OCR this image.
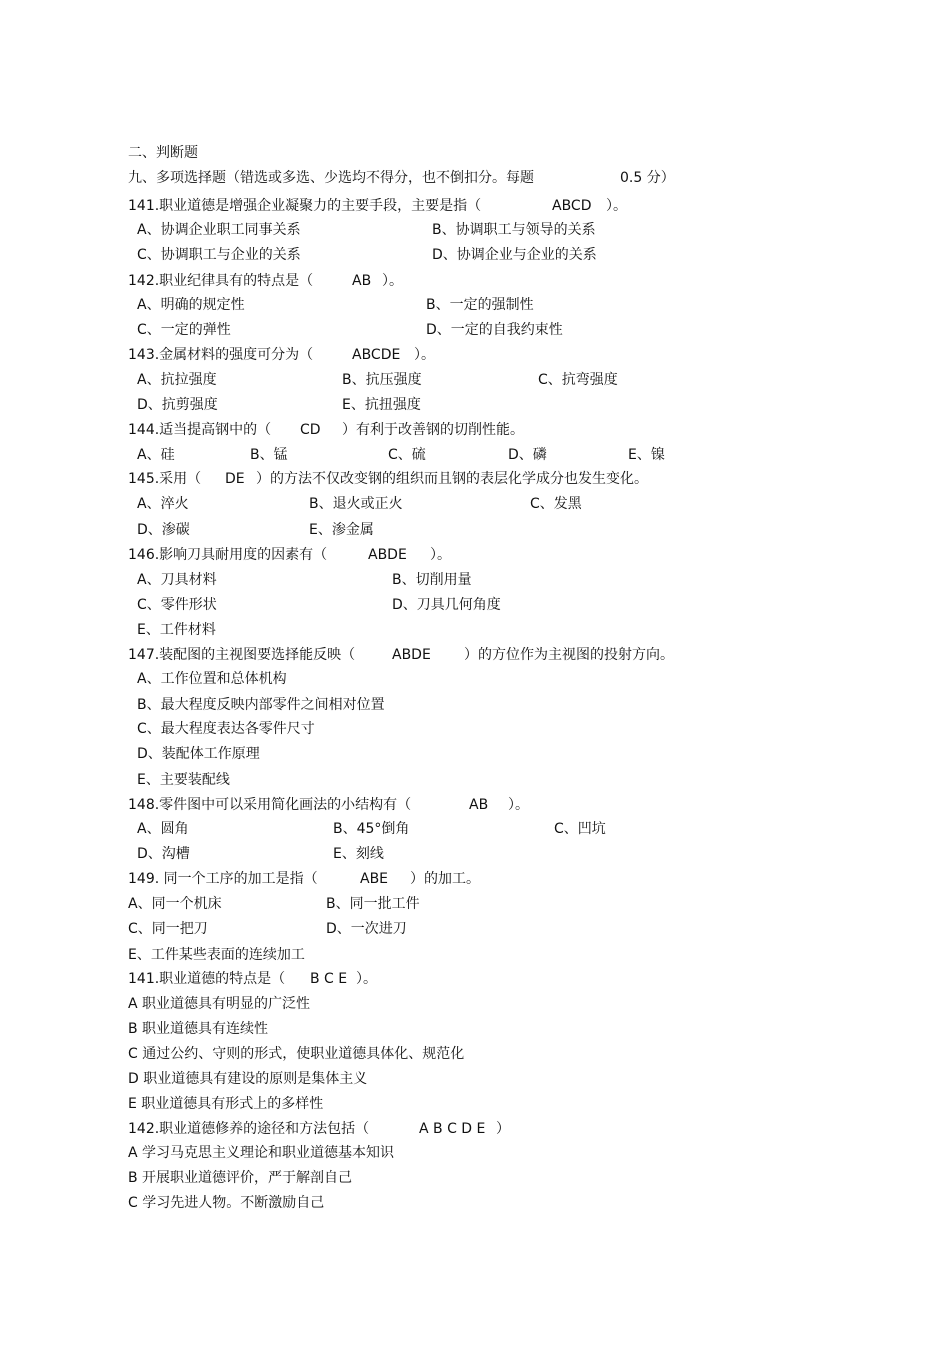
二、判断题
九、多项选择题（错选或多选、少选均不得分，也不倒扣分。每题	0.5 分）
141.职业道德是增强企业凝聚力的主要手段，主要是指（	ABCD ）。
A、协调企业职工同事关系	B、协调职工与领导的关系
C、协调职工与企业的关系	D、协调企业与企业的关系
142.职业纪律具有的特点是（	AB ）。
A、明确的规定性	B、一定的强制性
C、一定的弹性	D、一定的自我约束性
143.金属材料的强度可分为（	ABCDE ）。
A、抗拉强度	B、抗压强度	C、抗弯强度
D、抗剪强度	E、抗扭强度
144.适当提高钢中的（ CD ）有利于改善钢的切削性能。
A、硅	B、锰	C、硫	D、磷	E、镍
145.采用（ DE ）的方法不仅改变钢的组织而且钢的表层化学成分也发生变化。
A、淬火	B、退火或正火	C、发黑
D、渗碳	E、渗金属
146.影响刀具耐用度的因素有（	ABDE ）。
A、刀具材料	B、切削用量
C、零件形状	D、刀具几何角度
E、工件材料
147.装配图的主视图要选择能反映（	ABDE ）的方位作为主视图的投射方向。
A、工作位置和总体机构
B、最大程度反映内部零件之间相对位置
C、最大程度表达各零件尺寸
D、装配体工作原理
E、主要装配线
148.零件图中可以采用简化画法的小结构有（	AB ）。
A、圆角	B、45°倒角	C、凹坑
D、沟槽	E、刻线
149. 同一个工序的加工是指（	ABE ）的加工。
A、同一个机床	B、同一批工件
C、同一把刀	D、一次进刀
E、工件某些表面的连续加工
141.职业道德的特点是（ B C E ）。
A 职业道德具有明显的广泛性
B 职业道德具有连续性
C 通过公约、守则的形式，使职业道德具体化、规范化
D 职业道德具有建设的原则是集体主义
E 职业道德具有形式上的多样性
142.职业道德修养的途径和方法包括（	A B C D E ）
A 学习马克思主义理论和职业道德基本知识
B 开展职业道德评价，严于解剖自己
C 学习先进人物。不断激励自己
